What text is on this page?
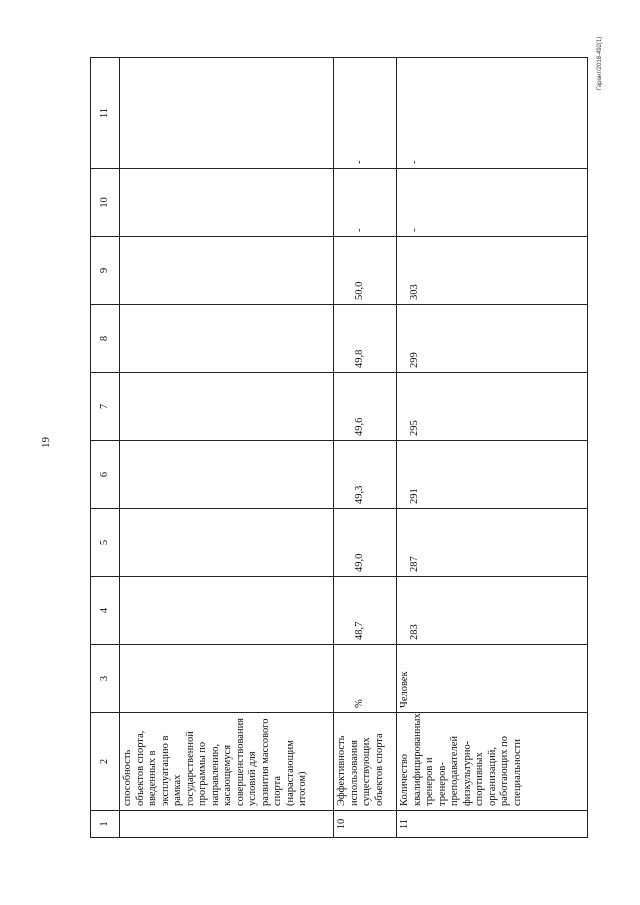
19
Гарант/2018-492(1)
1	2	3	4	5	6	7	8	9	10	11
	способность объектов спорта, введенных в эксплуатацию в рамках государственной программы по направлению, касающемуся совершенствования условий для развития массового спорта (нарастающим итогом)									
10	Эффективность использования существующих объектов спорта	%	48,7	49,0	49,3	49,6	49,8	50,0	-	-
11	Количество квалифицированных тренеров и тренеров-преподавателей физкультурно-спортивных организаций, работающих по специальности	Человек	283	287	291	295	299	303	-	-
